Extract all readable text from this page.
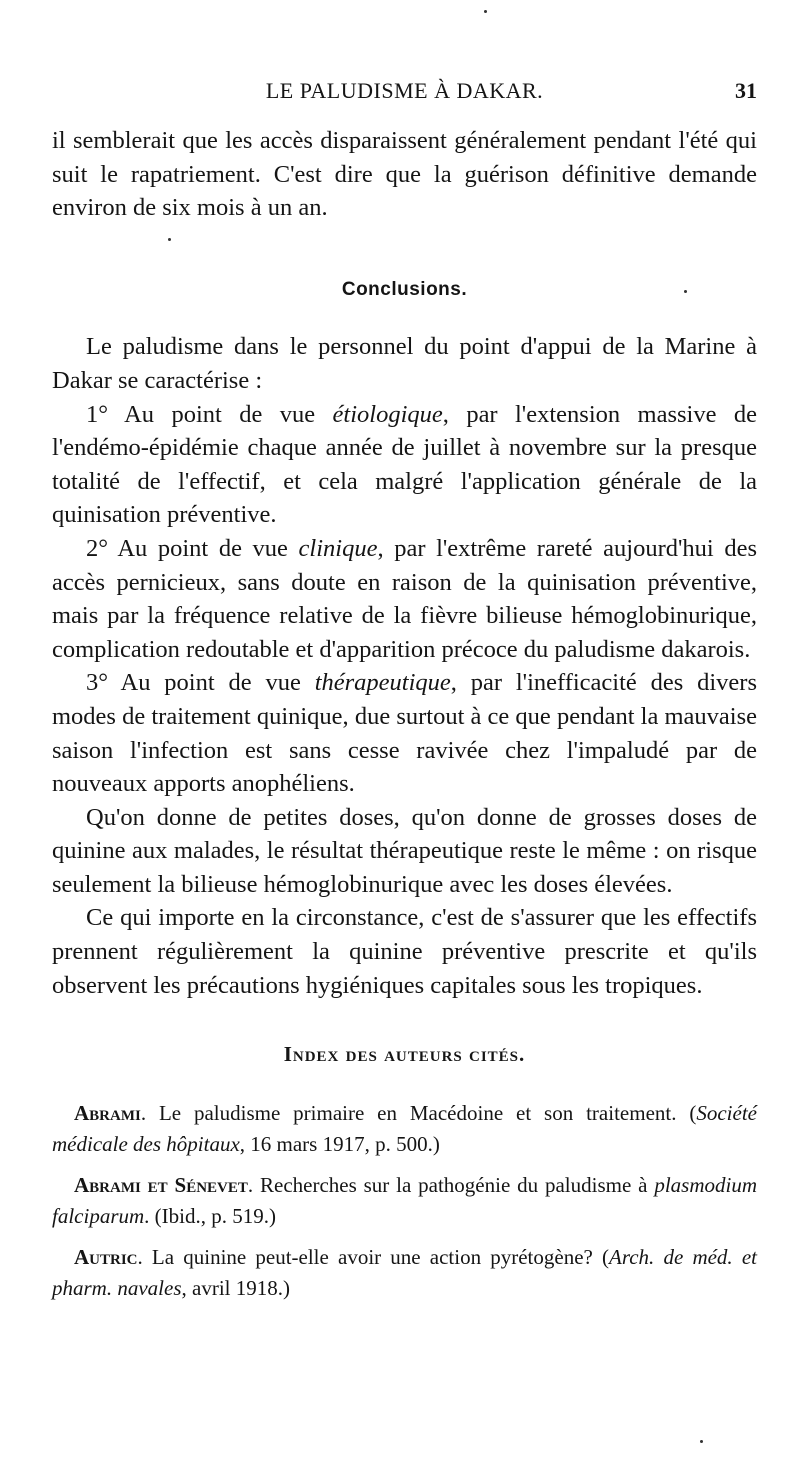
LE PALUDISME À DAKAR.	31

il semblerait que les accès disparaissent généralement pendant l'été qui suit le rapatriement. C'est dire que la guérison définitive demande environ de six mois à un an.

Conclusions.

Le paludisme dans le personnel du point d'appui de la Marine à Dakar se caractérise :

1° Au point de vue étiologique, par l'extension massive de l'endémo-épidémie chaque année de juillet à novembre sur la presque totalité de l'effectif, et cela malgré l'application générale de la quinisation préventive.

2° Au point de vue clinique, par l'extrême rareté aujourd'hui des accès pernicieux, sans doute en raison de la quinisation préventive, mais par la fréquence relative de la fièvre bilieuse hémoglobinurique, complication redoutable et d'apparition précoce du paludisme dakarois.

3° Au point de vue thérapeutique, par l'inefficacité des divers modes de traitement quinique, due surtout à ce que pendant la mauvaise saison l'infection est sans cesse ravivée chez l'impaludé par de nouveaux apports anophéliens.

Qu'on donne de petites doses, qu'on donne de grosses doses de quinine aux malades, le résultat thérapeutique reste le même : on risque seulement la bilieuse hémoglobinurique avec les doses élevées.

Ce qui importe en la circonstance, c'est de s'assurer que les effectifs prennent régulièrement la quinine préventive prescrite et qu'ils observent les précautions hygiéniques capitales sous les tropiques.

Index des auteurs cités.

Abrami. Le paludisme primaire en Macédoine et son traitement. (Société médicale des hôpitaux, 16 mars 1917, p. 500.)

Abrami et Sénevet. Recherches sur la pathogénie du paludisme à plasmodium falciparum. (Ibid., p. 519.)

Autric. La quinine peut-elle avoir une action pyrétogène? (Arch. de méd. et pharm. navales, avril 1918.)
